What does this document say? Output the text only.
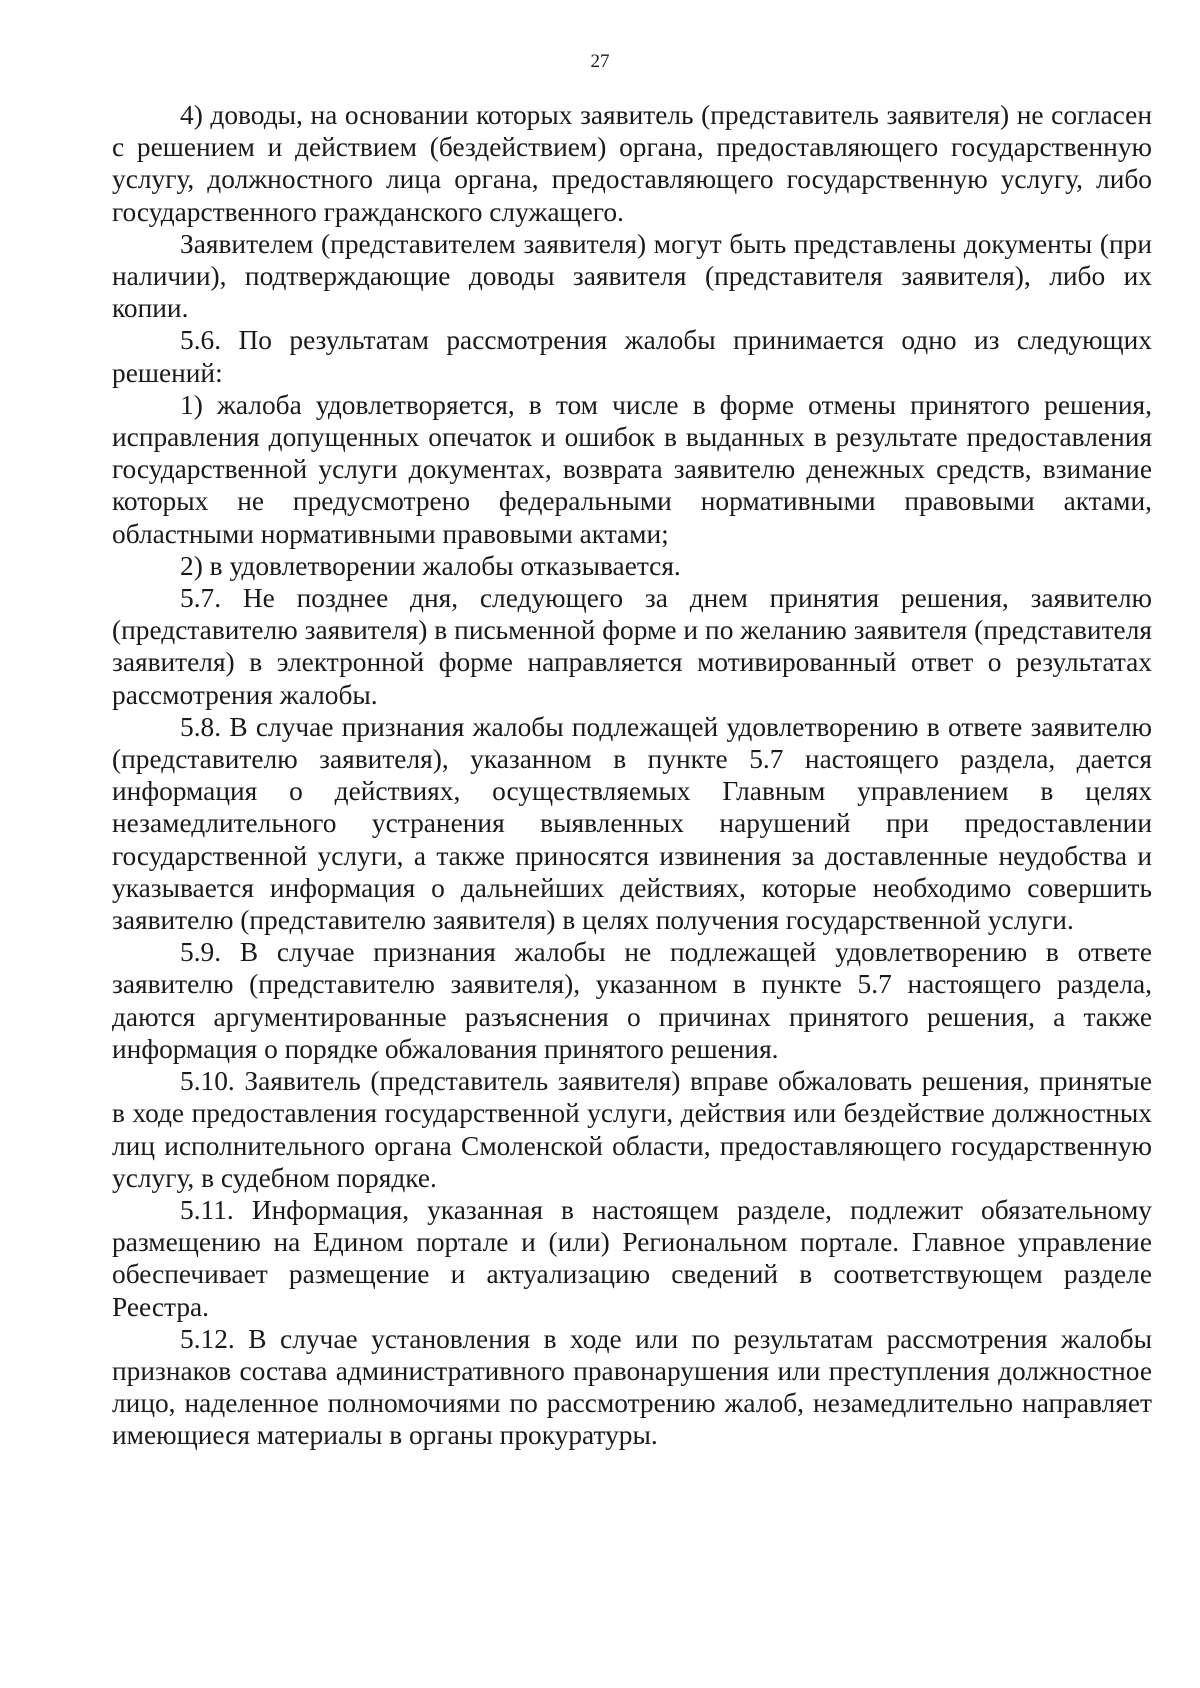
27

4) доводы, на основании которых заявитель (представитель заявителя) не согласен с решением и действием (бездействием) органа, предоставляющего государственную услугу, должностного лица органа, предоставляющего государственную услугу, либо государственного гражданского служащего.

Заявителем (представителем заявителя) могут быть представлены документы (при наличии), подтверждающие доводы заявителя (представителя заявителя), либо их копии.

5.6. По результатам рассмотрения жалобы принимается одно из следующих решений:

1) жалоба удовлетворяется, в том числе в форме отмены принятого решения, исправления допущенных опечаток и ошибок в выданных в результате предоставления государственной услуги документах, возврата заявителю денежных средств, взимание которых не предусмотрено федеральными нормативными правовыми актами, областными нормативными правовыми актами;

2) в удовлетворении жалобы отказывается.

5.7. Не позднее дня, следующего за днем принятия решения, заявителю (представителю заявителя) в письменной форме и по желанию заявителя (представителя заявителя) в электронной форме направляется мотивированный ответ о результатах рассмотрения жалобы.

5.8. В случае признания жалобы подлежащей удовлетворению в ответе заявителю (представителю заявителя), указанном в пункте 5.7 настоящего раздела, дается информация о действиях, осуществляемых Главным управлением в целях незамедлительного устранения выявленных нарушений при предоставлении государственной услуги, а также приносятся извинения за доставленные неудобства и указывается информация о дальнейших действиях, которые необходимо совершить заявителю (представителю заявителя) в целях получения государственной услуги.

5.9. В случае признания жалобы не подлежащей удовлетворению в ответе заявителю (представителю заявителя), указанном в пункте 5.7 настоящего раздела, даются аргументированные разъяснения о причинах принятого решения, а также информация о порядке обжалования принятого решения.

5.10. Заявитель (представитель заявителя) вправе обжаловать решения, принятые в ходе предоставления государственной услуги, действия или бездействие должностных лиц исполнительного органа Смоленской области, предоставляющего государственную услугу, в судебном порядке.

5.11. Информация, указанная в настоящем разделе, подлежит обязательному размещению на Едином портале и (или) Региональном портале. Главное управление обеспечивает размещение и актуализацию сведений в соответствующем разделе Реестра.

5.12. В случае установления в ходе или по результатам рассмотрения жалобы признаков состава административного правонарушения или преступления должностное лицо, наделенное полномочиями по рассмотрению жалоб, незамедлительно направляет имеющиеся материалы в органы прокуратуры.
